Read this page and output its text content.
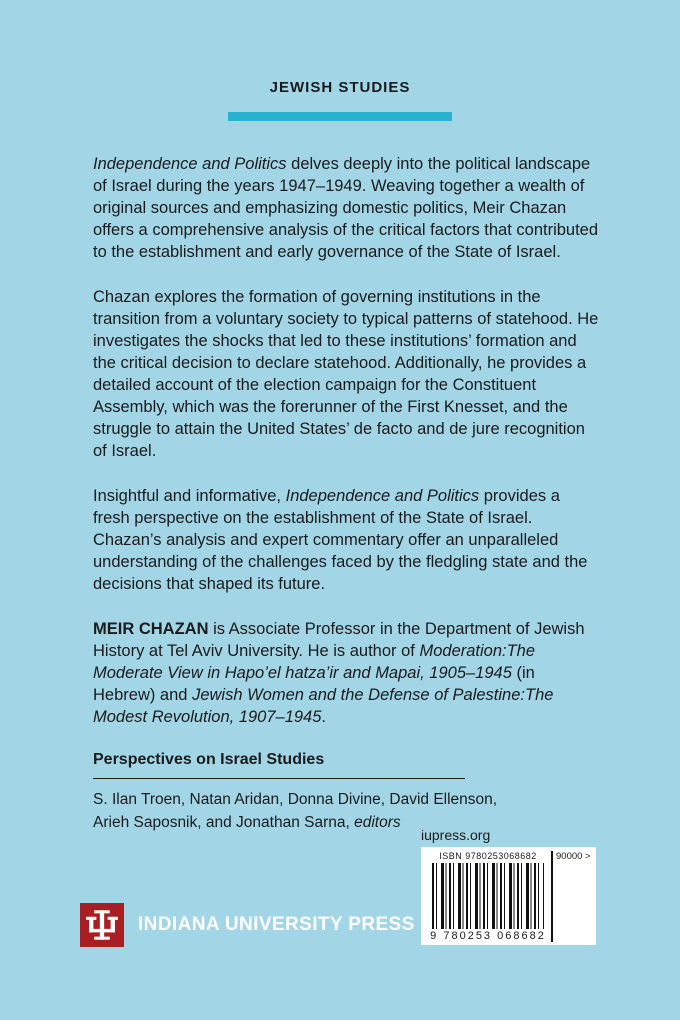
JEWISH STUDIES

Independence and Politics delves deeply into the political landscape of Israel during the years 1947–1949. Weaving together a wealth of original sources and emphasizing domestic politics, Meir Chazan offers a comprehensive analysis of the critical factors that contributed to the establishment and early governance of the State of Israel.

Chazan explores the formation of governing institutions in the transition from a voluntary society to typical patterns of statehood. He investigates the shocks that led to these institutions’ formation and the critical decision to declare statehood. Additionally, he provides a detailed account of the election campaign for the Constituent Assembly, which was the forerunner of the First Knesset, and the struggle to attain the United States’ de facto and de jure recognition of Israel.

Insightful and informative, Independence and Politics provides a fresh perspective on the establishment of the State of Israel. Chazan’s analysis and expert commentary offer an unparalleled understanding of the challenges faced by the fledgling state and the decisions that shaped its future.

MEIR CHAZAN is Associate Professor in the Department of Jewish History at Tel Aviv University. He is author of Moderation:The Moderate View in Hapo’el hatza’ir and Mapai, 1905–1945 (in Hebrew) and Jewish Women and the Defense of Palestine:The Modest Revolution, 1907–1945.

Perspectives on Israel Studies
S. Ilan Troen, Natan Aridan, Donna Divine, David Ellenson,
Arieh Saposnik, and Jonathan Sarna, editors
iupress.org
ISBN 9780253068682
9 780253 068682
90000 >
INDIANA UNIVERSITY PRESS
